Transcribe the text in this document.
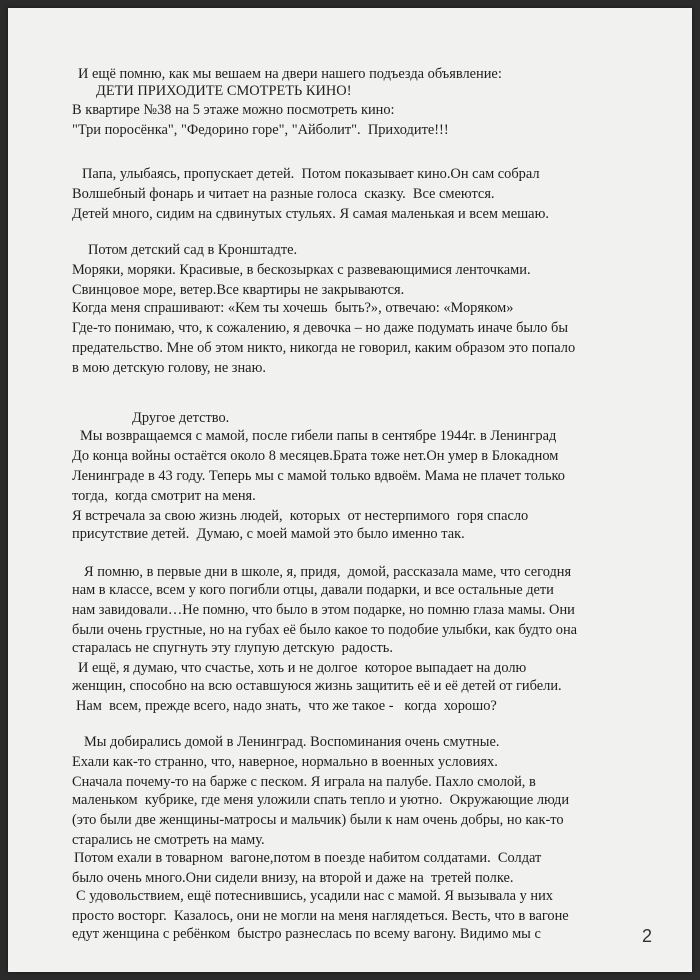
И ещё помню, как мы вешаем на двери нашего подъезда объявление:

ДЕТИ ПРИХОДИТЕ СМОТРЕТЬ КИНО!

В квартире №38 на 5 этаже можно посмотреть кино:

"Три поросёнка", "Федорино горе", "Айболит".  Приходите!!!

Папа, улыбаясь, пропускает детей.  Потом показывает кино.Он сам собрал

Волшебный фонарь и читает на разные голоса  сказку.  Все смеются.

Детей много, сидим на сдвинутых стульях. Я самая маленькая и всем мешаю.

Потом детский сад в Кронштадте.

Моряки, моряки. Красивые, в бескозырках с развевающимися ленточками.

Свинцовое море, ветер.Все квартиры не закрываются.

Когда меня спрашивают: «Кем ты хочешь  быть?», отвечаю: «Моряком»

Где-то понимаю, что, к сожалению, я девочка – но даже подумать иначе было бы

предательство. Мне об этом никто, никогда не говорил, каким образом это попало

в мою детскую голову, не знаю.

Другое детство.

Мы возвращаемся с мамой, после гибели папы в сентябре 1944г. в Ленинград

До конца войны остаётся около 8 месяцев.Брата тоже нет.Он умер в Блокадном

Ленинграде в 43 году. Теперь мы с мамой только вдвоём. Мама не плачет только

тогда,  когда смотрит на меня.

Я встречала за свою жизнь людей,  которых  от нестерпимого  горя спасло

присутствие детей.  Думаю, с моей мамой это было именно так.

Я помню, в первые дни в школе, я, придя,  домой, рассказала маме, что сегодня

нам в классе, всем у кого погибли отцы, давали подарки, и все остальные дети

нам завидовали…Не помню, что было в этом подарке, но помню глаза мамы. Они

были очень грустные, но на губах её было какое то подобие улыбки, как будто она

старалась не спугнуть эту глупую детскую  радость.

И ещё, я думаю, что счастье, хоть и не долгое  которое выпадает на долю

женщин, способно на всю оставшуюся жизнь защитить её и её детей от гибели.

Нам  всем, прежде всего, надо знать,  что же такое -   когда  хорошо?

Мы добирались домой в Ленинград. Воспоминания очень смутные.

Ехали как-то странно, что, наверное, нормально в военных условиях.

Сначала почему-то на барже с песком. Я играла на палубе. Пахло смолой, в

маленьком  кубрике, где меня уложили спать тепло и уютно.  Окружающие люди

(это были две женщины-матросы и мальчик) были к нам очень добры, но как-то

старались не смотреть на маму.

Потом ехали в товарном  вагоне,потом в поезде набитом солдатами.  Солдат

было очень много.Они сидели внизу, на второй и даже на  третей полке.

С удовольствием, ещё потеснившись, усадили нас с мамой. Я вызывала у них

просто восторг.  Казалось, они не могли на меня наглядеться. Весть, что в вагоне

едут женщина с ребёнком  быстро разнеслась по всему вагону. Видимо мы с

	2
